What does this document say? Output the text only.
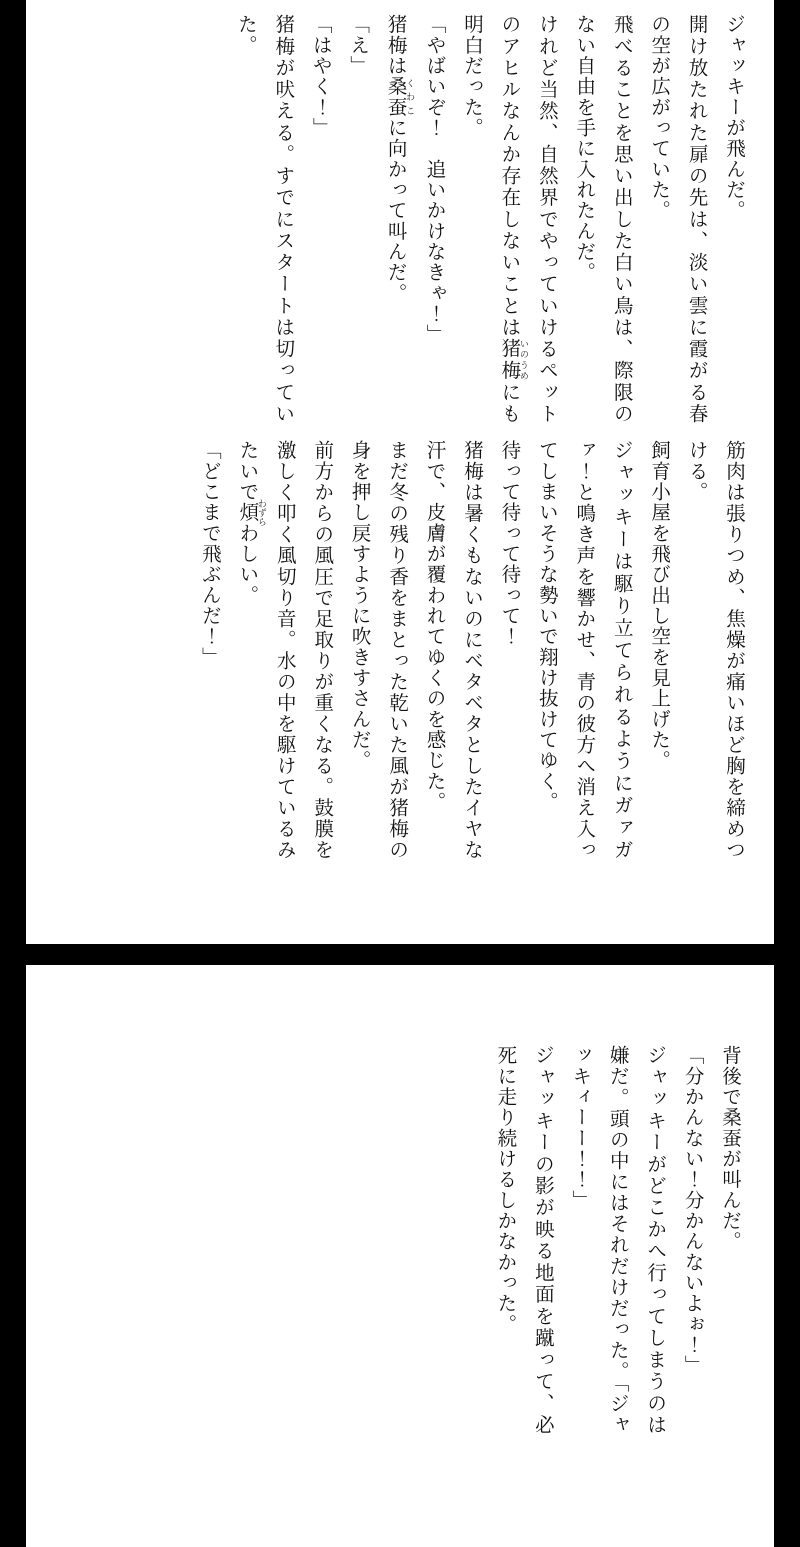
ジャッキーが飛んだ。

開け放たれた扉の先は、淡い雲に霞がる春の空が広がっていた。

飛べることを思い出した白い鳥は、際限のない自由を手に入れたんだ。

けれど当然、自然界でやっていけるペットのアヒルなんか存在しないことは猪梅 いのうめにも明白だった。

「やばいぞ！　追いかけなきゃ！」

猪梅は桑蚕 くわこに向かって叫んだ。

「え」

「はやく！」

猪梅が吠える。すでにスタートは切っていた。

筋肉は張りつめ、焦燥が痛いほど胸を締めつける。

飼育小屋を飛び出し空を見上げた。

ジャッキーは駆り立てられるようにガァガァ！と鳴き声を響かせ、青の彼方へ消え入ってしまいそうな勢いで翔け抜けてゆく。

待って待って待って！

猪梅は暑くもないのにベタベタとしたイヤな汗で、皮膚が覆われてゆくのを感じた。

まだ冬の残り香をまとった乾いた風が猪梅の身を押し戻すように吹きすさんだ。

前方からの風圧で足取りが重くなる。鼓膜を激しく叩く風切り音。水の中を駆けているみたいで煩 わずらわしい。

「どこまで飛ぶんだ！」

背後で桑蚕が叫んだ。

「分かんない！分かんないよぉ！」

ジャッキーがどこかへ行ってしまうのは嫌だ。頭の中にはそれだけだった。「ジャッキィーー！！」

ジャッキーの影が映る地面を蹴って、必死に走り続けるしかなかった。
